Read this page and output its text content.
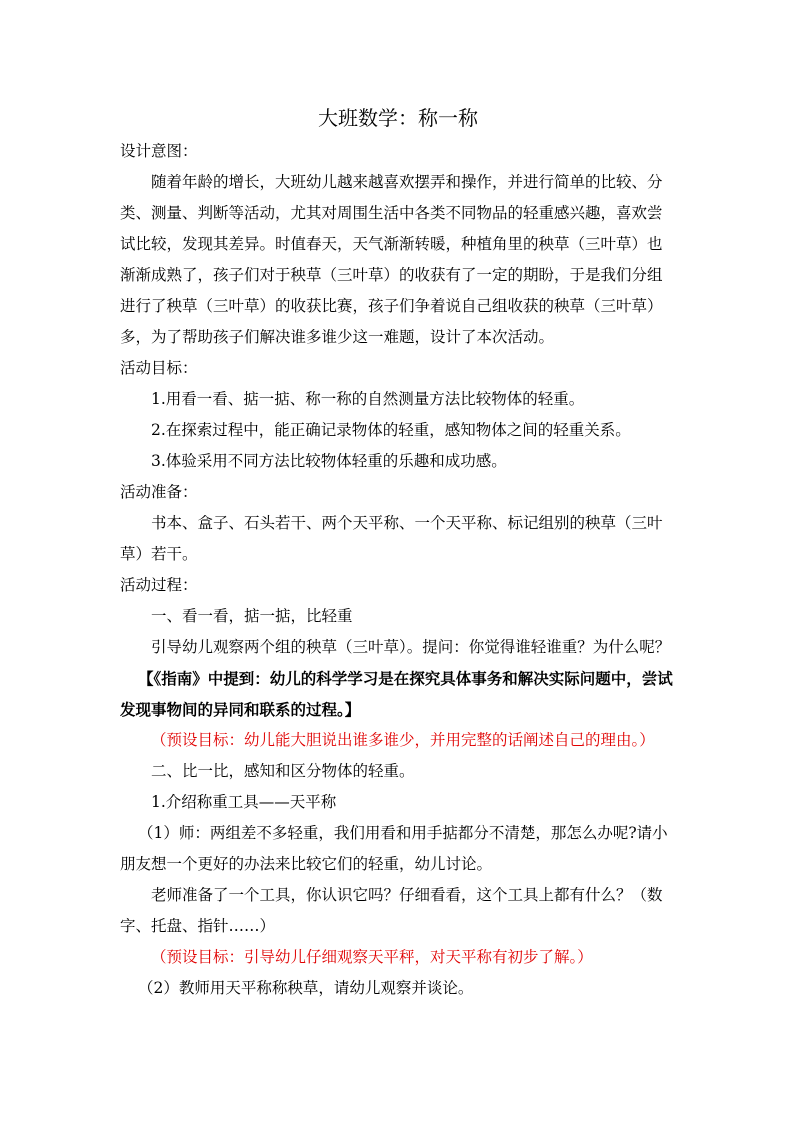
大班数学：称一称

设计意图：

随着年龄的增长，大班幼儿越来越喜欢摆弄和操作，并进行简单的比较、分类、测量、判断等活动，尤其对周围生活中各类不同物品的轻重感兴趣，喜欢尝试比较，发现其差异。时值春天，天气渐渐转暖，种植角里的秧草（三叶草）也渐渐成熟了，孩子们对于秧草（三叶草）的收获有了一定的期盼，于是我们分组进行了秧草（三叶草）的收获比赛，孩子们争着说自己组收获的秧草（三叶草）多，为了帮助孩子们解决谁多谁少这一难题，设计了本次活动。

活动目标：

1.用看一看、掂一掂、称一称的自然测量方法比较物体的轻重。

2.在探索过程中，能正确记录物体的轻重，感知物体之间的轻重关系。

3.体验采用不同方法比较物体轻重的乐趣和成功感。

活动准备：

书本、盒子、石头若干、两个天平称、一个天平称、标记组别的秧草（三叶草）若干。

活动过程：

一、看一看，掂一掂，比轻重

引导幼儿观察两个组的秧草（三叶草）。提问：你觉得谁轻谁重？为什么呢？

【《指南》中提到：幼儿的科学学习是在探究具体事务和解决实际问题中，尝试发现事物间的异同和联系的过程。】

（预设目标：幼儿能大胆说出谁多谁少，并用完整的话阐述自己的理由。）

二、比一比，感知和区分物体的轻重。

1.介绍称重工具——天平称

（1）师：两组差不多轻重，我们用看和用手掂都分不清楚，那怎么办呢?请小朋友想一个更好的办法来比较它们的轻重，幼儿讨论。

老师准备了一个工具，你认识它吗？仔细看看，这个工具上都有什么？（数字、托盘、指针……）

（预设目标：引导幼儿仔细观察天平秤，对天平称有初步了解。）

（2）教师用天平称称秧草，请幼儿观察并谈论。
